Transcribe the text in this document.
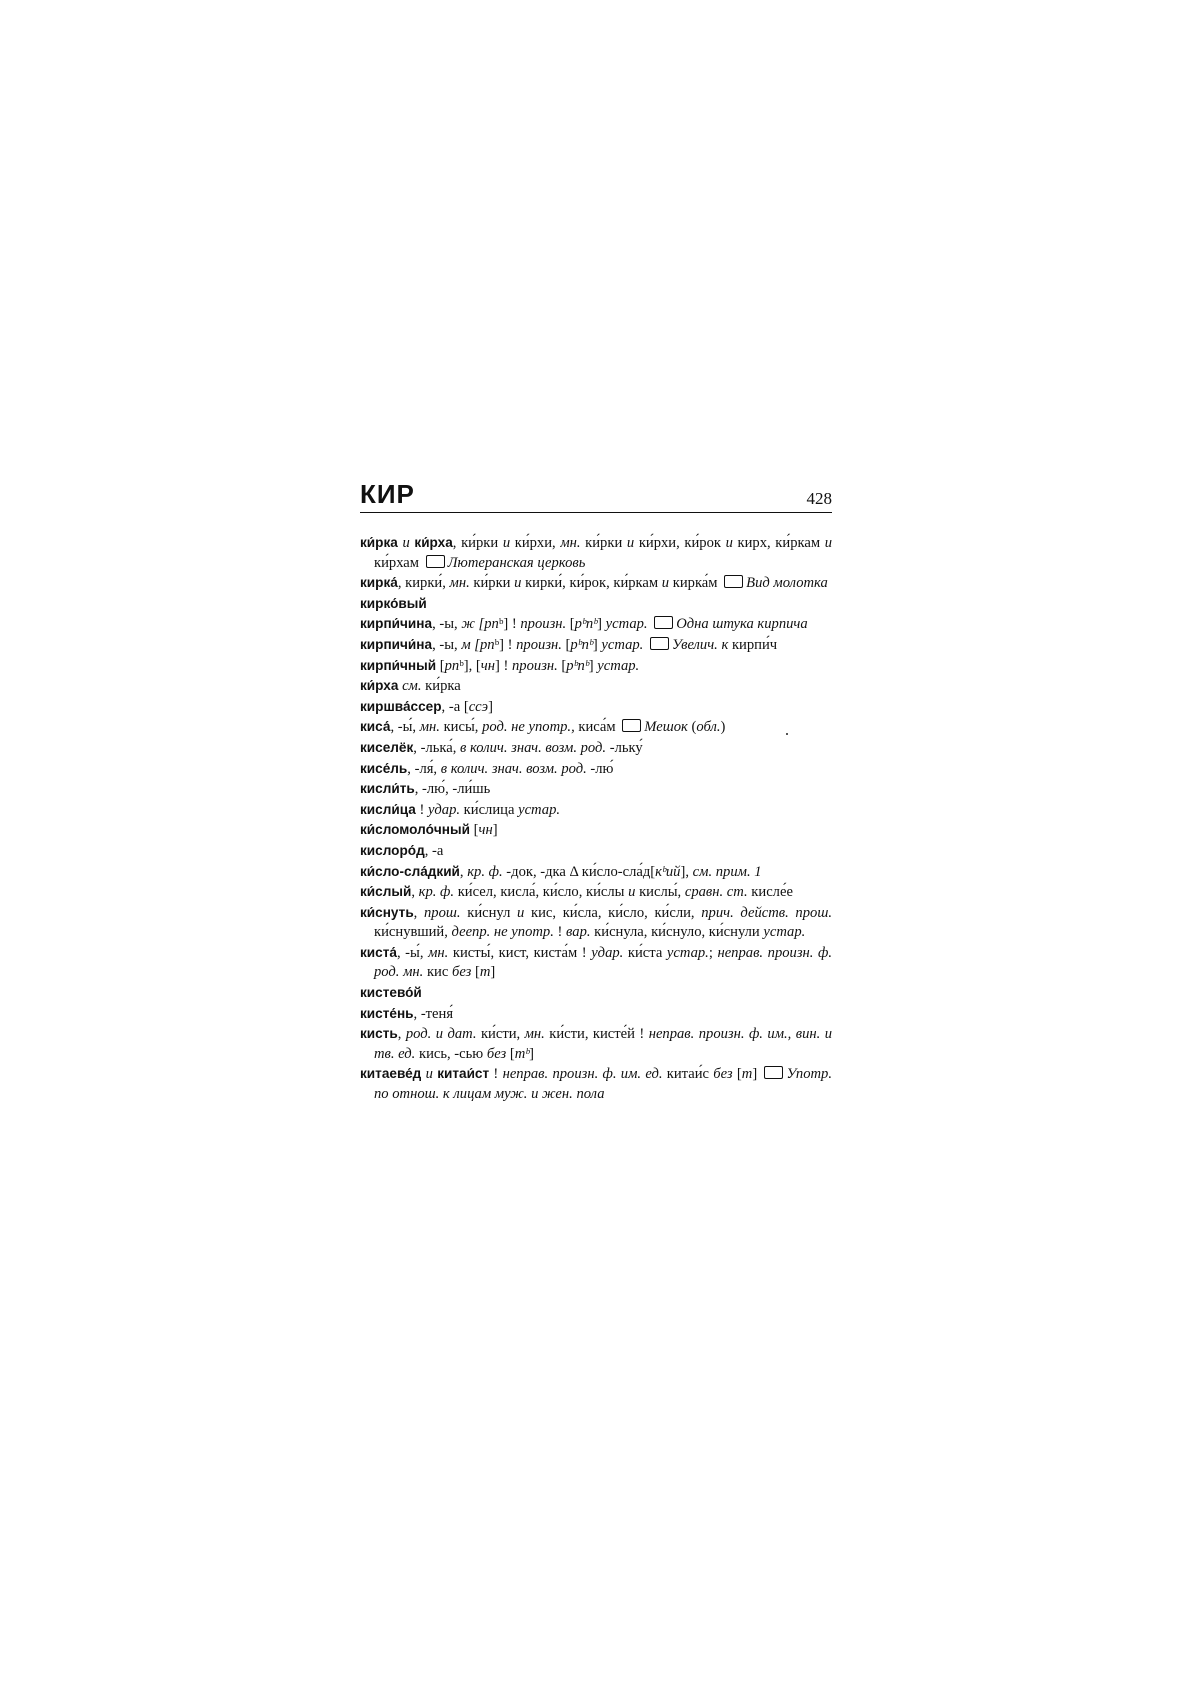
КИР	428

ки́рка и ки́рха, ки́рки и ки́рхи, мн. ки́рки и ки́рхи, ки́рок и кирх, ки́ркам и ки́рхам Лютеранская церковь

кирка́, кирки́, мн. ки́рки и кирки́, ки́рок, ки́ркам и кирка́м Вид молотка

кирко́вый

кирпи́чина, -ы, ж [рпᵇ] ! произн. [рᵇпᵇ] устар. Одна штука кирпича

кирпичи́на, -ы, м [рпᵇ] ! произн. [рᵇпᵇ] устар. Увелич. к кирпи́ч

кирпи́чный [рпᵇ], [чн] ! произн. [рᵇпᵇ] устар.

ки́рха см. ки́рка

киршва́ссер, -а [ссэ]

киса́, -ы́, мн. кисы́, род. не употр., киса́м Мешок (обл.)

киселёк, -лька́, в колич. знач. возм. род. -льку́

кисе́ль, -ля́, в колич. знач. возм. род. -лю́

кисли́ть, -лю́, -ли́шь

кисли́ца ! удар. ки́слица устар.

ки́сломоло́чный [чн]

кислоро́д, -а

ки́сло-сла́дкий, кр. ф. -док, -дка Δ ки́сло-сла́д[кᵇий], см. прим. 1

ки́слый, кр. ф. ки́сел, кисла́, ки́сло, ки́слы и кислы́, сравн. ст. кисле́е

ки́снуть, прош. ки́снул и кис, ки́сла, ки́сло, ки́сли, прич. действ. прош. ки́снувший, деепр. не употр. ! вар. ки́снула, ки́снуло, ки́снули устар.

киста́, -ы́, мн. кисты́, кист, киста́м ! удар. ки́ста устар.; неправ. произн. ф. род. мн. кис без [т]

кистево́й

кисте́нь, -теня́

кисть, род. и дат. ки́сти, мн. ки́сти, кисте́й ! неправ. произн. ф. им., вин. и тв. ед. кись, -сью без [тᵇ]

китаеве́д и китаи́ст ! неправ. произн. ф. им. ед. китаи́с без [т] Употр. по отнош. к лицам муж. и жен. пола
